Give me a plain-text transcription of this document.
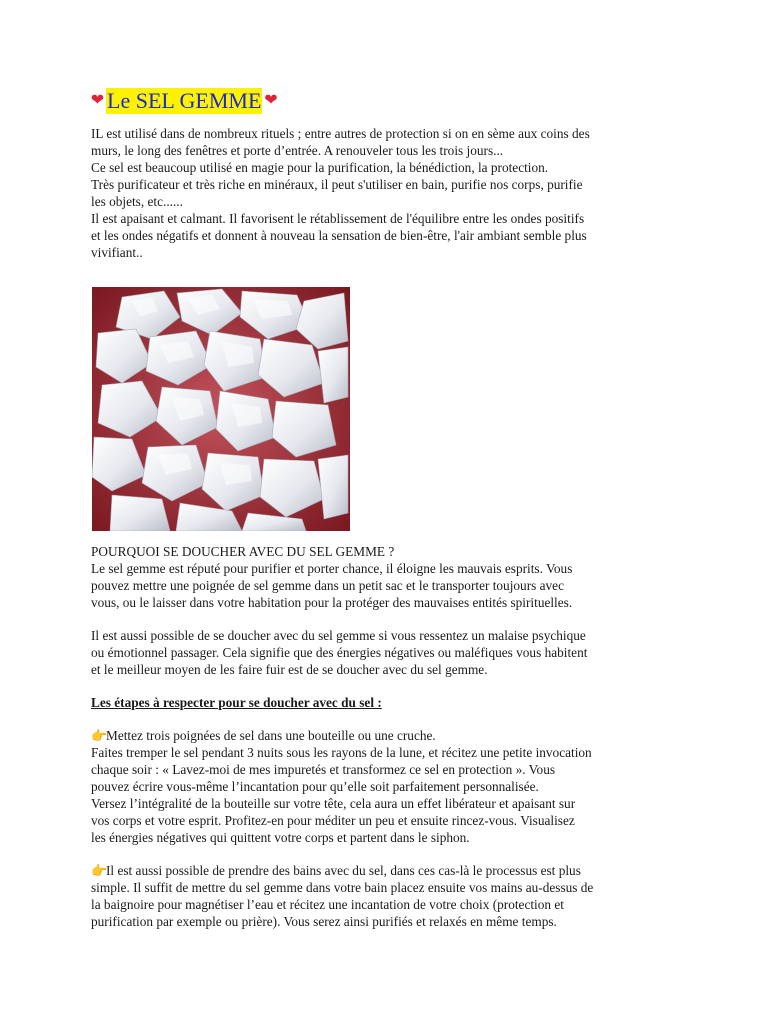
❤ Le SEL GEMME ❤

IL est utilisé dans de nombreux rituels ; entre autres de protection si on en sème aux coins des

murs, le long des fenêtres et porte d’entrée. A renouveler tous les trois jours...

Ce sel est beaucoup utilisé en magie pour la purification, la bénédiction, la protection.

Très purificateur et très riche en minéraux, il peut s'utiliser en bain, purifie nos corps, purifie

les objets, etc......

Il est apaisant et calmant. Il favorisent le rétablissement de l'équilibre entre les ondes positifs

et les ondes négatifs et donnent à nouveau la sensation de bien-être, l'air ambiant semble plus

vivifiant..

POURQUOI SE DOUCHER AVEC DU SEL GEMME ?

Le sel gemme est réputé pour purifier et porter chance, il éloigne les mauvais esprits. Vous

pouvez mettre une poignée de sel gemme dans un petit sac et le transporter toujours avec

vous, ou le laisser dans votre habitation pour la protéger des mauvaises entités spirituelles.

Il est aussi possible de se doucher avec du sel gemme si vous ressentez un malaise psychique

ou émotionnel passager. Cela signifie que des énergies négatives ou maléfiques vous habitent

et le meilleur moyen de les faire fuir est de se doucher avec du sel gemme.

Les étapes à respecter pour se doucher avec du sel :

👉Mettez trois poignées de sel dans une bouteille ou une cruche.

Faites tremper le sel pendant 3 nuits sous les rayons de la lune, et récitez une petite invocation

chaque soir : « Lavez-moi de mes impuretés et transformez ce sel en protection ». Vous

pouvez écrire vous-même l’incantation pour qu’elle soit parfaitement personnalisée.

Versez l’intégralité de la bouteille sur votre tête, cela aura un effet libérateur et apaisant sur

vos corps et votre esprit. Profitez-en pour méditer un peu et ensuite rincez-vous. Visualisez

les énergies négatives qui quittent votre corps et partent dans le siphon.

👉Il est aussi possible de prendre des bains avec du sel, dans ces cas-là le processus est plus

simple. Il suffit de mettre du sel gemme dans votre bain placez ensuite vos mains au-dessus de

la baignoire pour magnétiser l’eau et récitez une incantation de votre choix (protection et

purification par exemple ou prière). Vous serez ainsi purifiés et relaxés en même temps.
